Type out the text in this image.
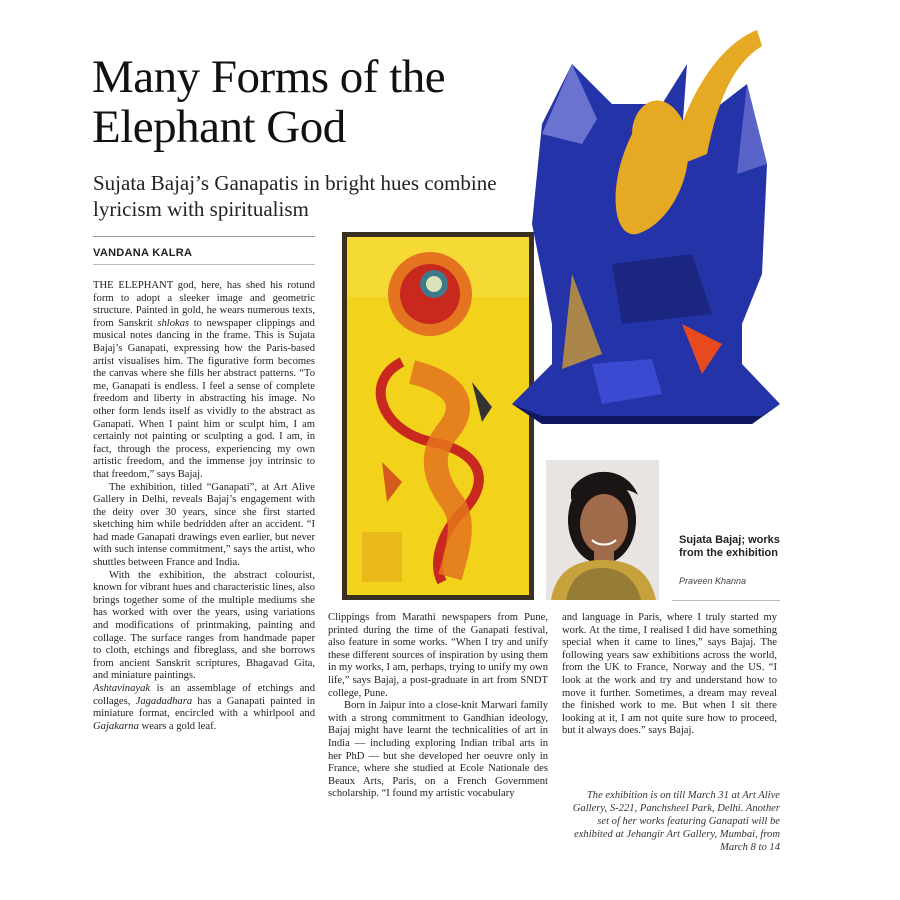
Many Forms of the Elephant God
Sujata Bajaj’s Ganapatis in bright hues combine lyricism with spiritualism
VANDANA KALRA

THE ELEPHANT god, here, has shed his rotund form to adopt a sleeker image and geometric structure. Painted in gold, he wears numerous texts, from Sanskrit shlokas to newspaper clippings and musical notes dancing in the frame. This is Sujata Bajaj’s Ganapati, expressing how the Paris-based artist visualises him. The figurative form becomes the canvas where she fills her abstract patterns. “To me, Ganapati is endless. I feel a sense of complete freedom and liberty in abstracting his image. No other form lends itself as vividly to the abstract as Ganapati. When I paint him or sculpt him, I am certainly not painting or sculpting a god. I am, in fact, through the process, experiencing my own artistic freedom, and the immense joy intrinsic to that freedom,” says Bajaj.

The exhibition, titled “Ganapati”, at Art Alive Gallery in Delhi, reveals Bajaj’s engagement with the deity over 30 years, since she first started sketching him while bedridden after an accident. “I had made Ganapati drawings even earlier, but never with such intense commitment,” says the artist, who shuttles between France and India.

With the exhibition, the abstract colourist, known for vibrant hues and characteristic lines, also brings together some of the multiple mediums she has worked with over the years, using variations and modifications of printmaking, painting and collage. The surface ranges from handmade paper to cloth, etchings and fibreglass, and she borrows from ancient Sanskrit scriptures, Bhagavad Gita, and miniature paintings.

Ashtavinayak is an assemblage of etchings and collages, Jagadadhara has a Ganapati painted in miniature format, encircled with a whirlpool and Gajakarna wears a gold leaf.

Sujata Bajaj; works from the exhibition
Praveen Khanna

Clippings from Marathi newspapers from Pune, printed during the time of the Ganapati festival, also feature in some works. “When I try and unify these different sources of inspiration by using them in my works, I am, perhaps, trying to unify my own life,” says Bajaj, a post-graduate in art from SNDT college, Pune.

Born in Jaipur into a close-knit Marwari family with a strong commitment to Gandhian ideology, Bajaj might have learnt the technicalities of art in India — including exploring Indian tribal arts in her PhD — but she developed her oeuvre only in France, where she studied at Ecole Nationale des Beaux Arts, Paris, on a French Government scholarship. “I found my artistic vocabulary

and language in Paris, where I truly started my work. At the time, I realised I did have something special when it came to lines,” says Bajaj. The following years saw exhibitions across the world, from the UK to France, Norway and the US. “I look at the work and try and understand how to move it further. Sometimes, a dream may reveal the finished work to me. But when I sit there looking at it, I am not quite sure how to proceed, but it always does.” says Bajaj.

The exhibition is on till March 31 at Art Alive Gallery, S-221, Panchsheel Park, Delhi. Another set of her works featuring Ganapati will be exhibited at Jehangir Art Gallery, Mumbai, from March 8 to 14
